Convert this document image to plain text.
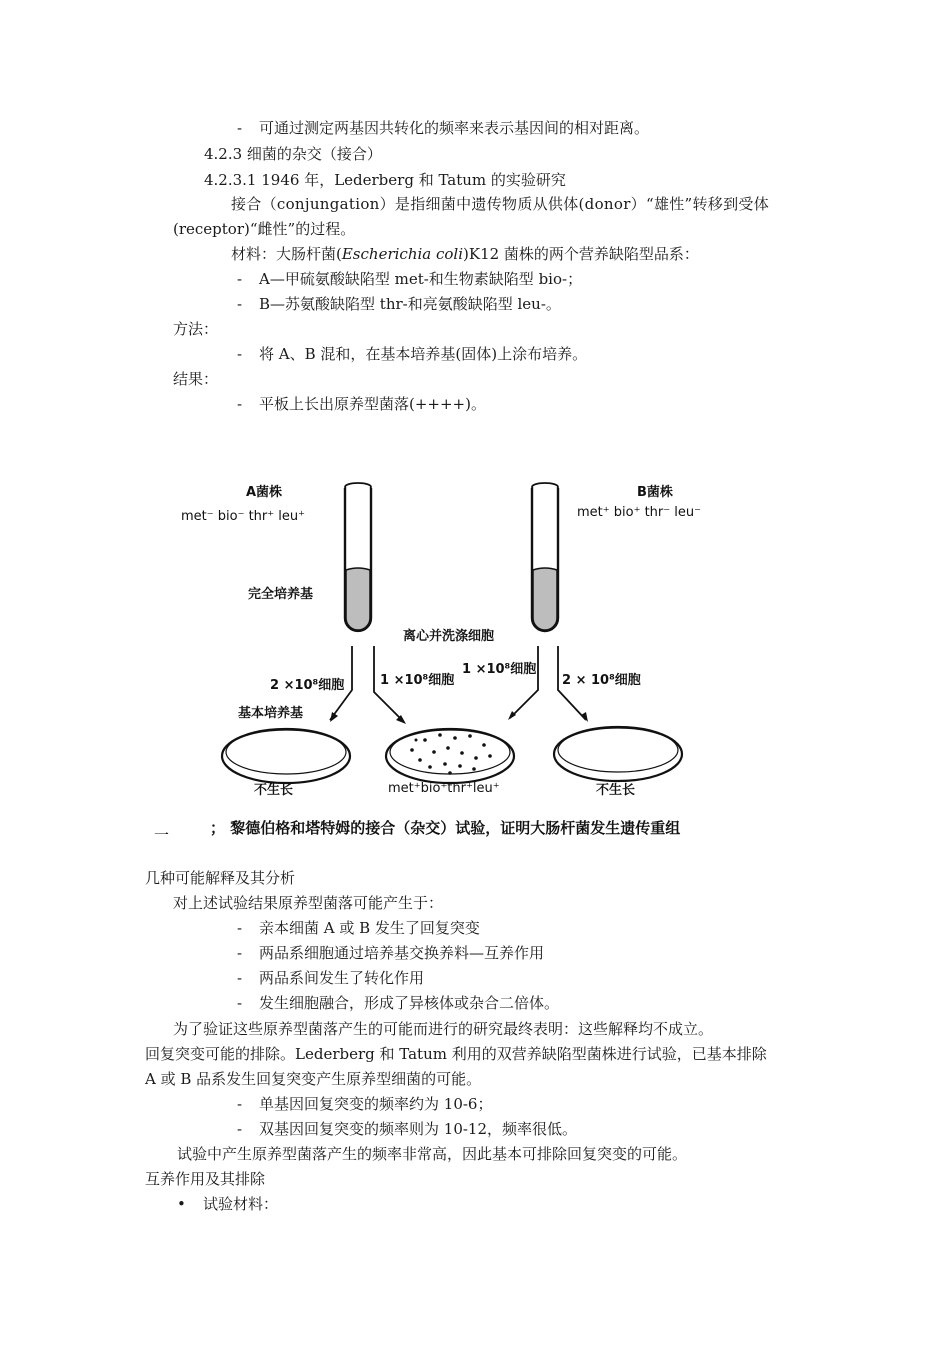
- 可通过测定两基因共转化的频率来表示基因间的相对距离。
4.2.3 细菌的杂交（接合）
4.2.3.1 1946 年，Lederberg 和 Tatum 的实验研究
接合（conjungation）是指细菌中遗传物质从供体(donor）“雄性”转移到受体
(receptor)“雌性”的过程。
材料：大肠杆菌(Escherichia coli)K12 菌株的两个营养缺陷型品系：
- A—甲硫氨酸缺陷型 met-和生物素缺陷型 bio-；
- B—苏氨酸缺陷型 thr-和亮氨酸缺陷型 leu-。
方法：
- 将 A、B 混和，在基本培养基(固体)上涂布培养。
结果：
- 平板上长出原养型菌落(++++)。
A菌株
met⁻ bio⁻ thr⁺ leu⁺
B菌株
met⁺ bio⁺ thr⁻ leu⁻
完全培养基
离心并洗涤细胞
2 ×10⁸细胞	1 ×10⁸细胞
1 ×10⁸细胞
2 × 10⁸细胞
基本培养基
不生长	met⁺bio⁺thr⁺leu⁺	不生长
一	； 黎德伯格和塔特姆的接合（杂交）试验，证明大肠杆菌发生遗传重组
几种可能解释及其分析
对上述试验结果原养型菌落可能产生于：
- 亲本细菌 A 或 B 发生了回复突变
- 两品系细胞通过培养基交换养料—互养作用
- 两品系间发生了转化作用
- 发生细胞融合，形成了异核体或杂合二倍体。
为了验证这些原养型菌落产生的可能而进行的研究最终表明：这些解释均不成立。
回复突变可能的排除。Lederberg 和 Tatum 利用的双营养缺陷型菌株进行试验，已基本排除
A 或 B 品系发生回复突变产生原养型细菌的可能。
- 单基因回复突变的频率约为 10-6；
- 双基因回复突变的频率则为 10-12，频率很低。
试验中产生原养型菌落产生的频率非常高，因此基本可排除回复突变的可能。
互养作用及其排除
• 试验材料：
